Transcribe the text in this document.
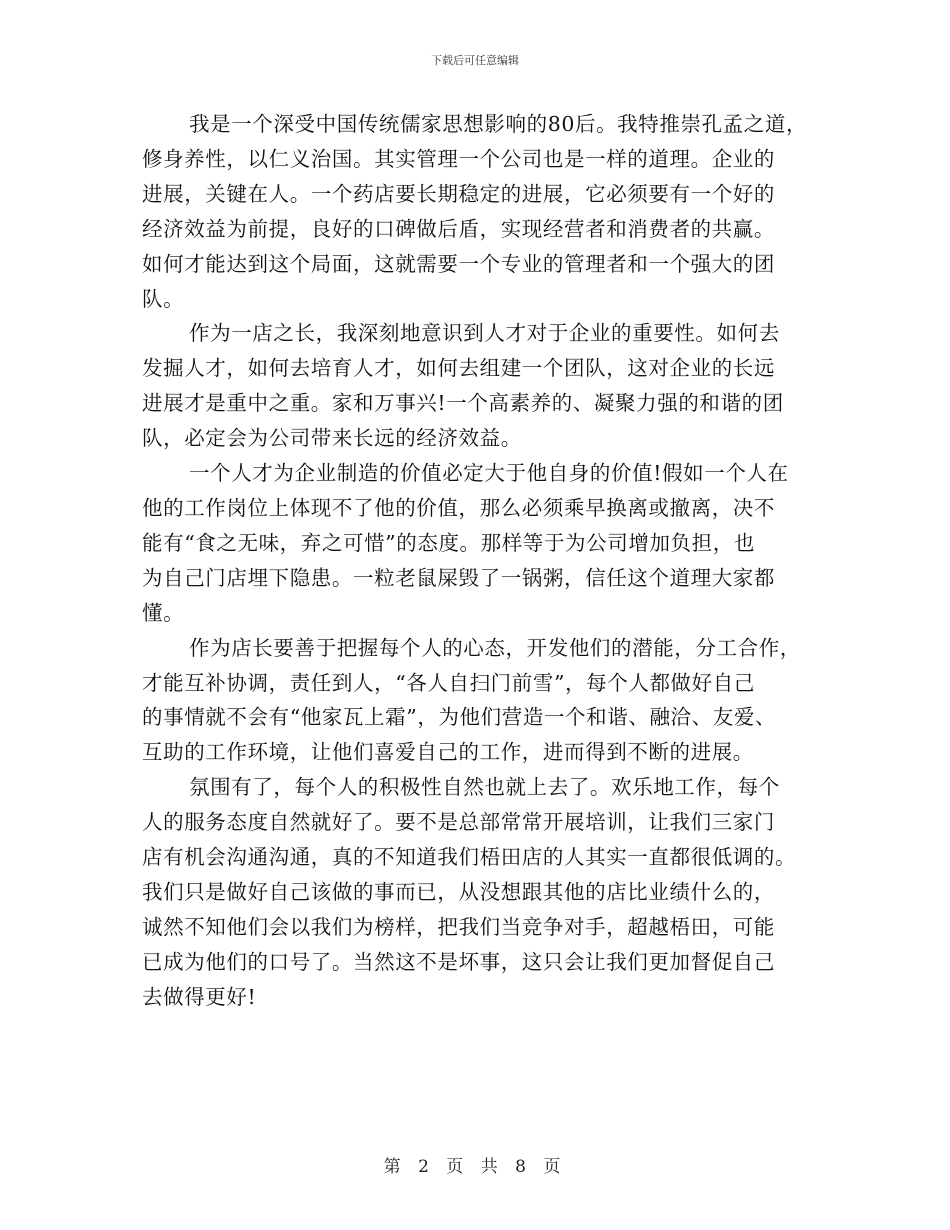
下载后可任意编辑
我是一个深受中国传统儒家思想影响的80后。我特推崇孔孟之道，
修身养性，以仁义治国。其实管理一个公司也是一样的道理。企业的
进展，关键在人。一个药店要长期稳定的进展，它必须要有一个好的
经济效益为前提，良好的口碑做后盾，实现经营者和消费者的共赢。
如何才能达到这个局面，这就需要一个专业的管理者和一个强大的团
队。
作为一店之长，我深刻地意识到人才对于企业的重要性。如何去
发掘人才，如何去培育人才，如何去组建一个团队，这对企业的长远
进展才是重中之重。家和万事兴!一个高素养的、凝聚力强的和谐的团
队，必定会为公司带来长远的经济效益。
一个人才为企业制造的价值必定大于他自身的价值!假如一个人在
他的工作岗位上体现不了他的价值，那么必须乘早换离或撤离，决不
能有“食之无味，弃之可惜”的态度。那样等于为公司增加负担，也
为自己门店埋下隐患。一粒老鼠屎毁了一锅粥，信任这个道理大家都
懂。
作为店长要善于把握每个人的心态，开发他们的潜能，分工合作，
才能互补协调，责任到人，“各人自扫门前雪”，每个人都做好自己
的事情就不会有“他家瓦上霜”，为他们营造一个和谐、融洽、友爱、
互助的工作环境，让他们喜爱自己的工作，进而得到不断的进展。
氛围有了，每个人的积极性自然也就上去了。欢乐地工作，每个
人的服务态度自然就好了。要不是总部常常开展培训，让我们三家门
店有机会沟通沟通，真的不知道我们梧田店的人其实一直都很低调的。
我们只是做好自己该做的事而已，从没想跟其他的店比业绩什么的，
诚然不知他们会以我们为榜样，把我们当竞争对手，超越梧田，可能
已成为他们的口号了。当然这不是坏事，这只会让我们更加督促自己
去做得更好!
第 2 页 共 8 页
